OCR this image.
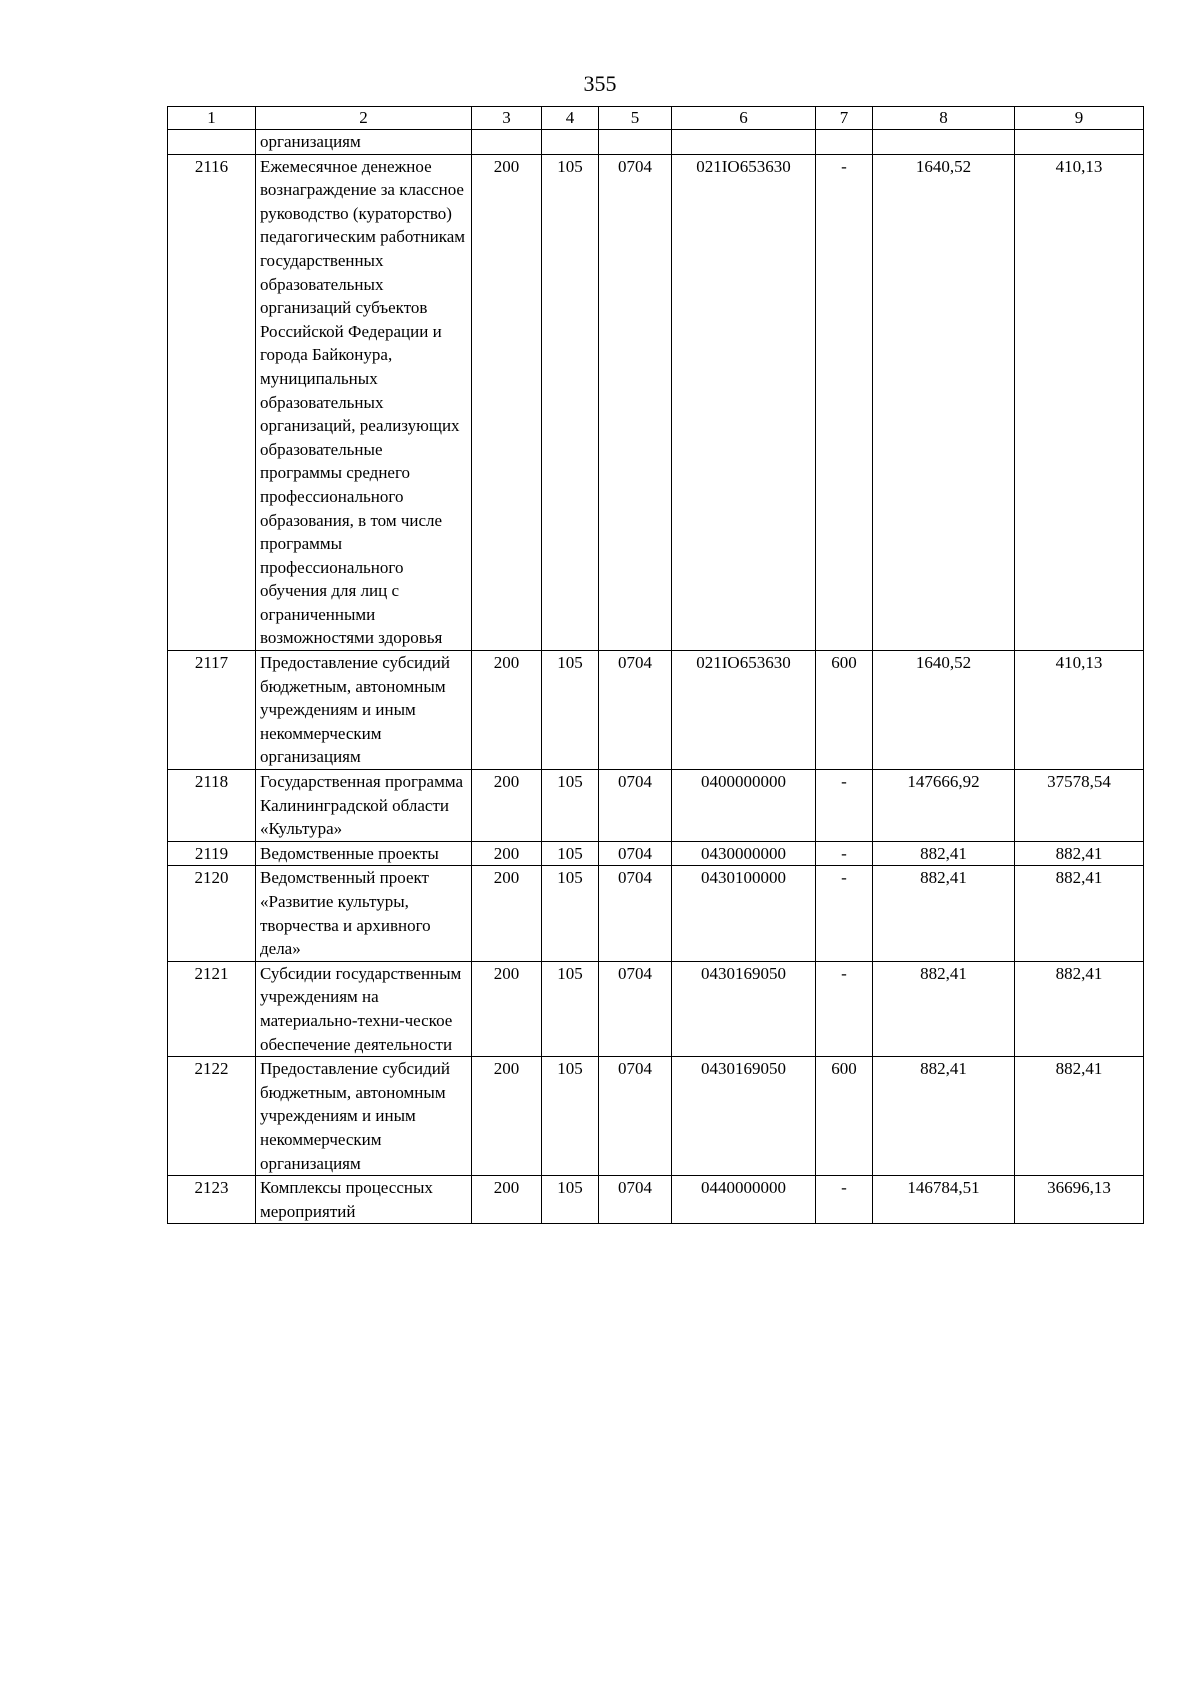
355
1	2	3	4	5	6	7	8	9
	организациям							
2116	Ежемесячное денежное вознаграждение за классное руководство (кураторство) педагогическим работникам государственных образовательных организаций субъектов Российской Федерации и города Байконура, муниципальных образовательных организаций, реализующих образовательные программы среднего профессионального образования, в том числе программы профессионального обучения для лиц с ограниченными возможностями здоровья	200	105	0704	021IO653630	-	1640,52	410,13
2117	Предоставление субсидий бюджетным, автономным учреждениям и иным некоммерческим организациям	200	105	0704	021IO653630	600	1640,52	410,13
2118	Государственная программа Калининградской области «Культура»	200	105	0704	0400000000	-	147666,92	37578,54
2119	Ведомственные проекты	200	105	0704	0430000000	-	882,41	882,41
2120	Ведомственный проект «Развитие культуры, творчества и архивного дела»	200	105	0704	0430100000	-	882,41	882,41
2121	Субсидии государственным учреждениям на материально-техни-ческое обеспечение деятельности	200	105	0704	0430169050	-	882,41	882,41
2122	Предоставление субсидий бюджетным, автономным учреждениям и иным некоммерческим организациям	200	105	0704	0430169050	600	882,41	882,41
2123	Комплексы процессных мероприятий	200	105	0704	0440000000	-	146784,51	36696,13
